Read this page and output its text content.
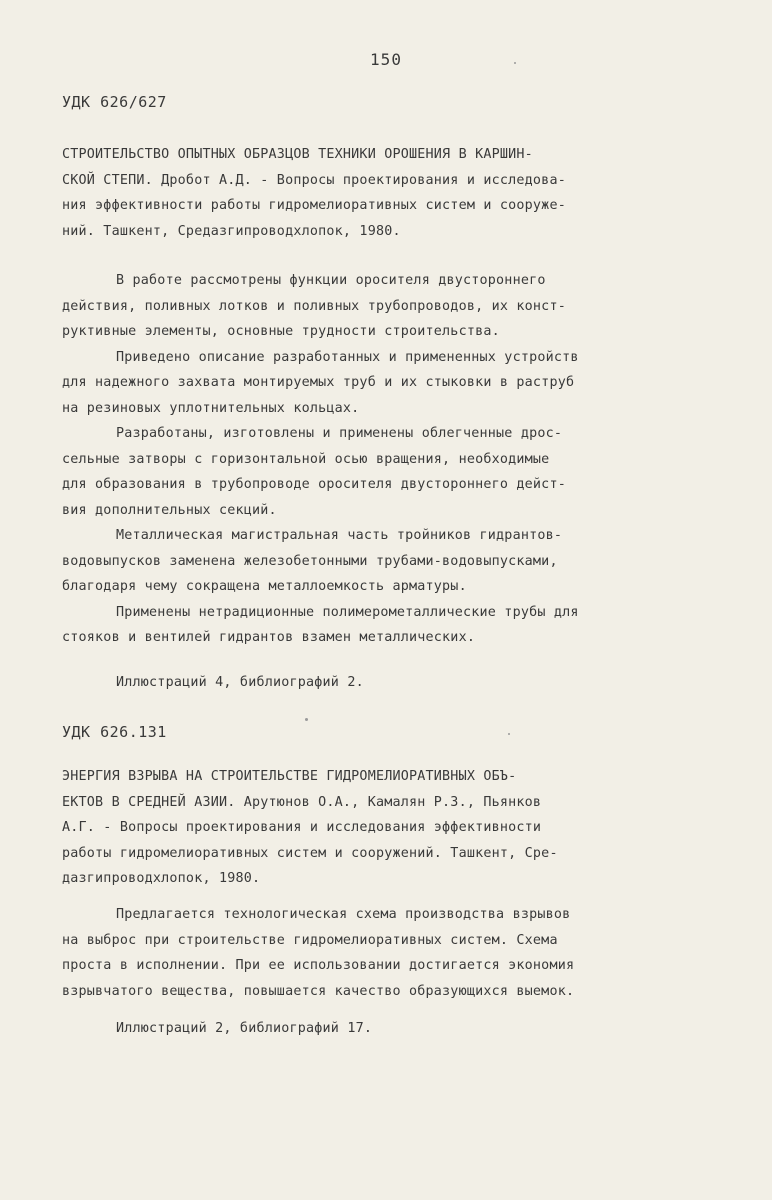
150
УДК 626/627
СТРОИТЕЛЬСТВО ОПЫТНЫХ ОБРАЗЦОВ ТЕХНИКИ ОРОШЕНИЯ В КАРШИН-
СКОЙ СТЕПИ. Дробот А.Д. - Вопросы проектирования и исследова-
ния эффективности работы гидромелиоративных систем и сооруже-
ний. Ташкент, Средазгипроводхлопок, 1980.
В работе рассмотрены функции оросителя двустороннего
действия, поливных лотков и поливных трубопроводов, их конст-
руктивные элементы, основные трудности строительства.
Приведено описание разработанных и примененных устройств
для надежного захвата монтируемых труб и их стыковки в раструб
на резиновых уплотнительных кольцах.
Разработаны, изготовлены и применены облегченные дрос-
сельные затворы с горизонтальной осью вращения, необходимые
для образования в трубопроводе оросителя двустороннего дейст-
вия дополнительных секций.
Металлическая магистральная часть тройников гидрантов-
водовыпусков заменена железобетонными трубами-водовыпусками,
благодаря чему сокращена металлоемкость арматуры.
Применены нетрадиционные полимерометаллические трубы для
стояков и вентилей гидрантов взамен металлических.
Иллюстраций 4, библиографий 2.
УДК 626.131
ЭНЕРГИЯ ВЗРЫВА НА СТРОИТЕЛЬСТВЕ ГИДРОМЕЛИОРАТИВНЫХ ОБЪ-
ЕКТОВ В СРЕДНЕЙ АЗИИ. Арутюнов О.А., Камалян Р.З., Пьянков
А.Г. - Вопросы проектирования и исследования эффективности
работы гидромелиоративных систем и сооружений. Ташкент, Сре-
дазгипроводхлопок, 1980.
Предлагается технологическая схема производства взрывов
на выброс при строительстве гидромелиоративных систем. Схема
проста в исполнении. При ее использовании достигается экономия
взрывчатого вещества, повышается качество образующихся выемок.
Иллюстраций 2, библиографий 17.
